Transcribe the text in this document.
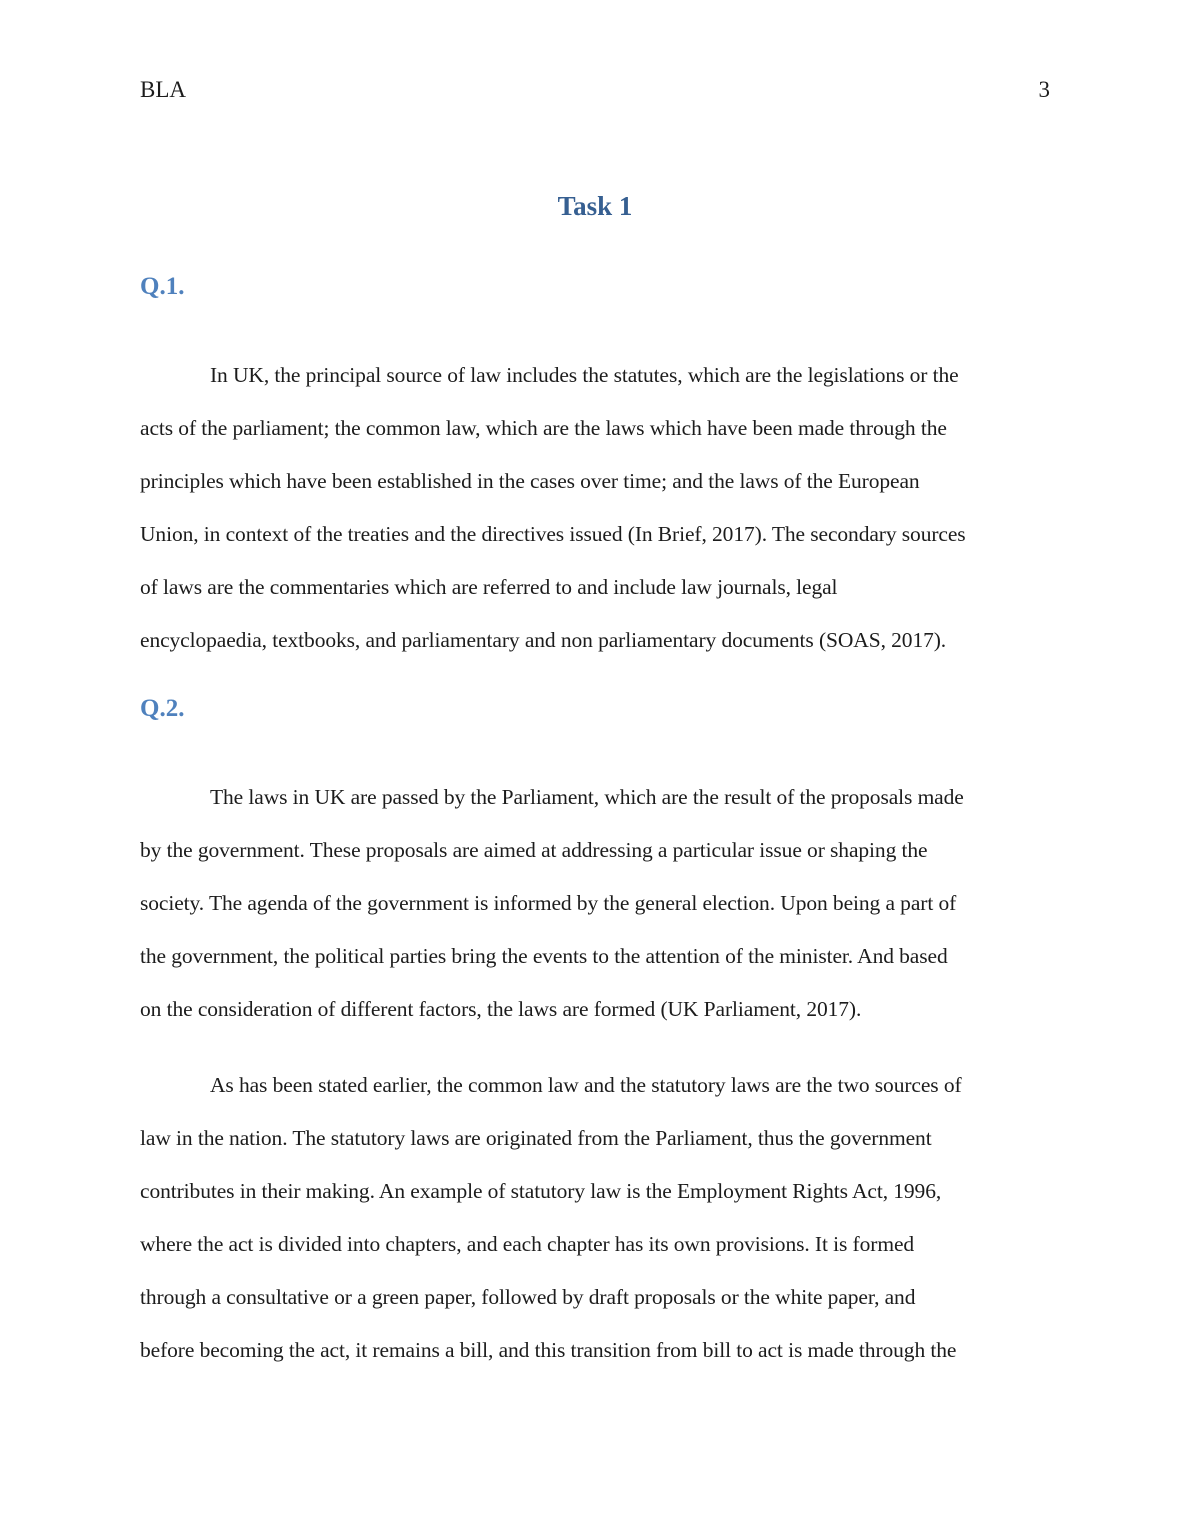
BLA	3
Task 1
Q.1.
In UK, the principal source of law includes the statutes, which are the legislations or the
acts of the parliament; the common law, which are the laws which have been made through the
principles which have been established in the cases over time; and the laws of the European
Union, in context of the treaties and the directives issued (In Brief, 2017). The secondary sources
of laws are the commentaries which are referred to and include law journals, legal
encyclopaedia, textbooks, and parliamentary and non parliamentary documents (SOAS, 2017).
Q.2.
The laws in UK are passed by the Parliament, which are the result of the proposals made
by the government. These proposals are aimed at addressing a particular issue or shaping the
society. The agenda of the government is informed by the general election. Upon being a part of
the government, the political parties bring the events to the attention of the minister. And based
on the consideration of different factors, the laws are formed (UK Parliament, 2017).
As has been stated earlier, the common law and the statutory laws are the two sources of
law in the nation. The statutory laws are originated from the Parliament, thus the government
contributes in their making. An example of statutory law is the Employment Rights Act, 1996,
where the act is divided into chapters, and each chapter has its own provisions. It is formed
through a consultative or a green paper, followed by draft proposals or the white paper, and
before becoming the act, it remains a bill, and this transition from bill to act is made through the
